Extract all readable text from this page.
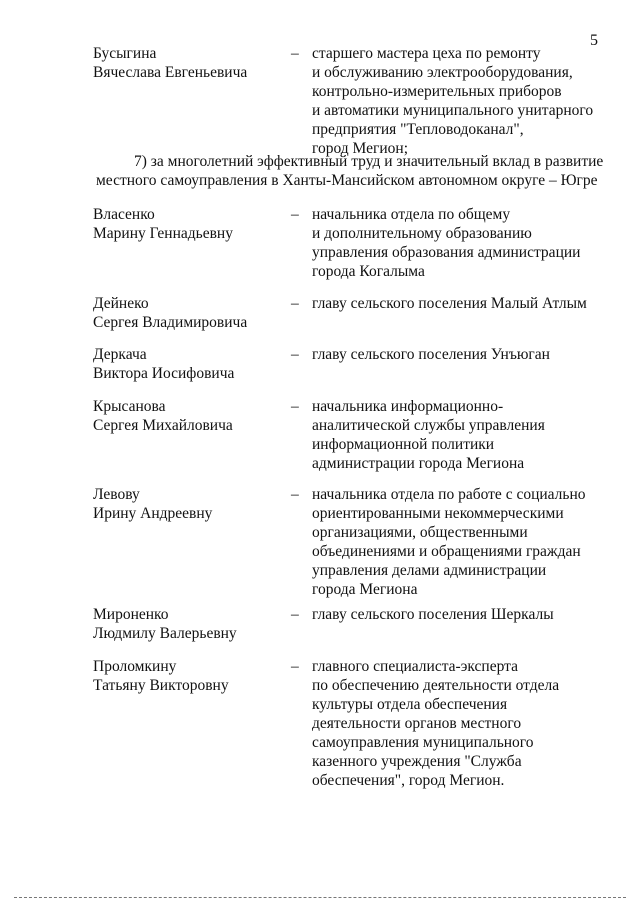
5
Бусыгина
Вячеслава Евгеньевича
– старшего мастера цеха по ремонту
и обслуживанию электрооборудования,
контрольно-измерительных приборов
и автоматики муниципального унитарного
предприятия "Тепловодоканал",
город Мегион;
7) за многолетний эффективный труд и значительный вклад в развитие
местного самоуправления в Ханты-Мансийском автономном округе – Югре
Власенко
Марину Геннадьевну
– начальника отдела по общему
и дополнительному образованию
управления образования администрации
города Когалыма
Дейнеко
Сергея Владимировича
– главу сельского поселения Малый Атлым
Деркача
Виктора Иосифовича
– главу сельского поселения Унъюган
Крысанова
Сергея Михайловича
– начальника информационно-
аналитической службы управления
информационной политики
администрации города Мегиона
Левову
Ирину Андреевну
– начальника отдела по работе с социально
ориентированными некоммерческими
организациями, общественными
объединениями и обращениями граждан
управления делами администрации
города Мегиона
Мироненко
Людмилу Валерьевну
– главу сельского поселения Шеркалы
Проломкину
Татьяну Викторовну
– главного специалиста-эксперта
по обеспечению деятельности отдела
культуры отдела обеспечения
деятельности органов местного
самоуправления муниципального
казенного учреждения "Служба
обеспечения", город Мегион.
